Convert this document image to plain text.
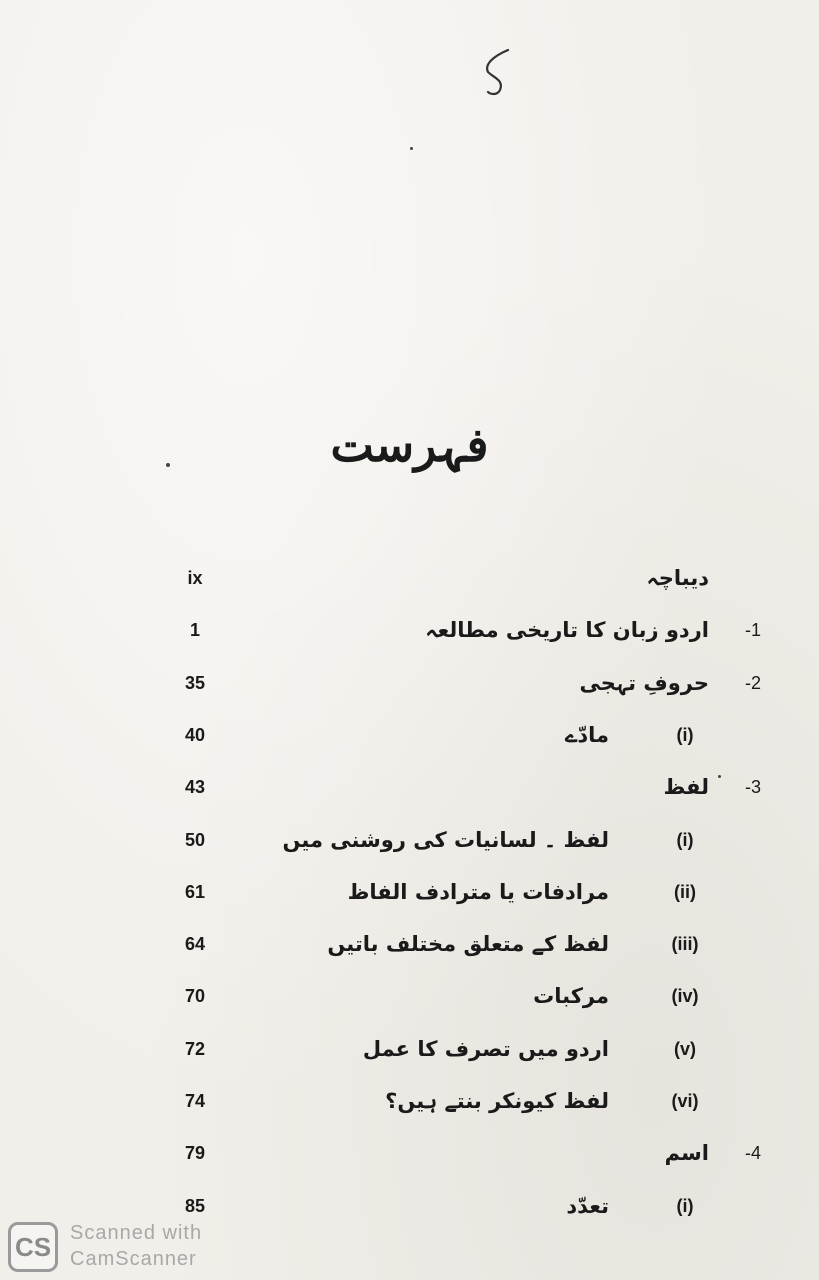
فہرست
ix	دیباچہ
1	اردو زبان کا تاریخی مطالعہ -1
35	حروفِ تہجی -2
40	مادّے	(i)
43	لفظ -3
50	لفظ ۔ لسانیات کی روشنی میں	(i)
61	مرادفات یا مترادف الفاظ	(ii)
64	لفظ کے متعلق مختلف باتیں	(iii)
70	مرکبات	(iv)
72	اردو میں تصرف کا عمل	(v)
74	لفظ کیونکر بنتے ہیں؟	(vi)
79	اسم -4
85	تعدّد	(i)
CS Scanned with
CamScanner
